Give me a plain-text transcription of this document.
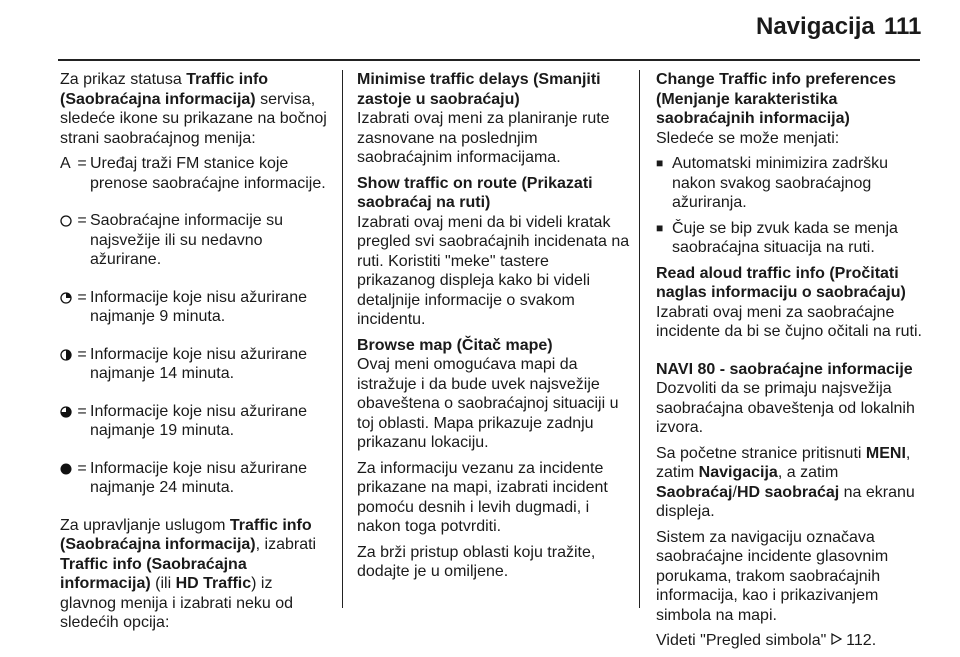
Navigacija 111

Za prikaz statusa Traffic info (Saobraćajna informacija) servisa, sledeće ikone su prikazane na bočnoj strani saobraćajnog menija:

A = Uređaj traži FM stanice koje prenose saobraćajne informacije.
= Saobraćajne informacije su najsvežije ili su nedavno ažurirane.
= Informacije koje nisu ažurirane najmanje 9 minuta.
= Informacije koje nisu ažurirane najmanje 14 minuta.
= Informacije koje nisu ažurirane najmanje 19 minuta.
= Informacije koje nisu ažurirane najmanje 24 minuta.

Za upravljanje uslugom Traffic info (Saobraćajna informacija), izabrati Traffic info (Saobraćajna informacija) (ili HD Traffic) iz glavnog menija i izabrati neku od sledećih opcija:

Minimise traffic delays (Smanjiti zastoje u saobraćaju)

Izabrati ovaj meni za planiranje rute zasnovane na poslednjim saobraćajnim informacijama.

Show traffic on route (Prikazati saobraćaj na ruti)

Izabrati ovaj meni da bi videli kratak pregled svi saobraćajnih incidenata na ruti. Koristiti "meke" tastere prikazanog displeja kako bi videli detaljnije informacije o svakom incidentu.

Browse map (Čitač mape)

Ovaj meni omogućava mapi da istražuje i da bude uvek najsvežije obaveštena o saobraćajnoj situaciji u toj oblasti. Mapa prikazuje zadnju prikazanu lokaciju.

Za informaciju vezanu za incidente prikazane na mapi, izabrati incident pomoću desnih i levih dugmadi, i nakon toga potvrditi.

Za brži pristup oblasti koju tražite, dodajte je u omiljene.

Change Traffic info preferences (Menjanje karakteristika saobraćajnih informacija)

Sledeće se može menjati:

■ Automatski minimizira zadršku nakon svakog saobraćajnog ažuriranja.
■ Čuje se bip zvuk kada se menja saobraćajna situacija na ruti.
Read aloud traffic info (Pročitati naglas informaciju o saobraćaju)

Izabrati ovaj meni za saobraćajne incidente da bi se čujno očitali na ruti.

NAVI 80 - saobraćajne informacije

Dozvoliti da se primaju najsvežija saobraćajna obaveštenja od lokalnih izvora.

Sa početne stranice pritisnuti MENI, zatim Navigacija, a zatim Saobraćaj/HD saobraćaj na ekranu displeja.

Sistem za navigaciju označava saobraćajne incidente glasovnim porukama, trakom saobraćajnih informacija, kao i prikazivanjem simbola na mapi.

Videti "Pregled simbola"  112.
